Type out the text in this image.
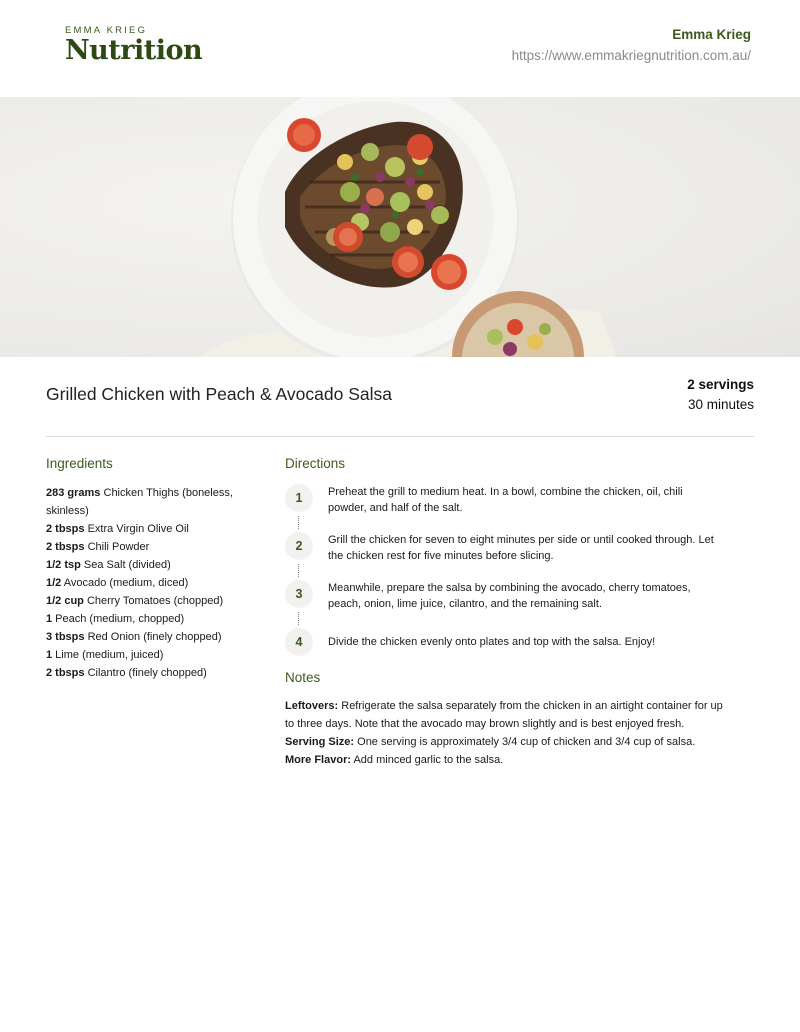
EMMA KRIEG
Nutrition
Emma Krieg
https://www.emmakriegnutrition.com.au/
Grilled Chicken with Peach & Avocado Salsa	2 servings
30 minutes
Ingredients
283 grams Chicken Thighs (boneless, skinless)
2 tbsps Extra Virgin Olive Oil
2 tbsps Chili Powder
1/2 tsp Sea Salt (divided)
1/2 Avocado (medium, diced)
1/2 cup Cherry Tomatoes (chopped)
1 Peach (medium, chopped)
3 tbsps Red Onion (finely chopped)
1 Lime (medium, juiced)
2 tbsps Cilantro (finely chopped)
Directions
1	Preheat the grill to medium heat. In a bowl, combine the chicken, oil, chili powder, and half of the salt.
2	Grill the chicken for seven to eight minutes per side or until cooked through. Let the chicken rest for five minutes before slicing.
3	Meanwhile, prepare the salsa by combining the avocado, cherry tomatoes, peach, onion, lime juice, cilantro, and the remaining salt.
4	Divide the chicken evenly onto plates and top with the salsa. Enjoy!
Notes
Leftovers: Refrigerate the salsa separately from the chicken in an airtight container for up to three days. Note that the avocado may brown slightly and is best enjoyed fresh.
Serving Size: One serving is approximately 3/4 cup of chicken and 3/4 cup of salsa.
More Flavor: Add minced garlic to the salsa.
